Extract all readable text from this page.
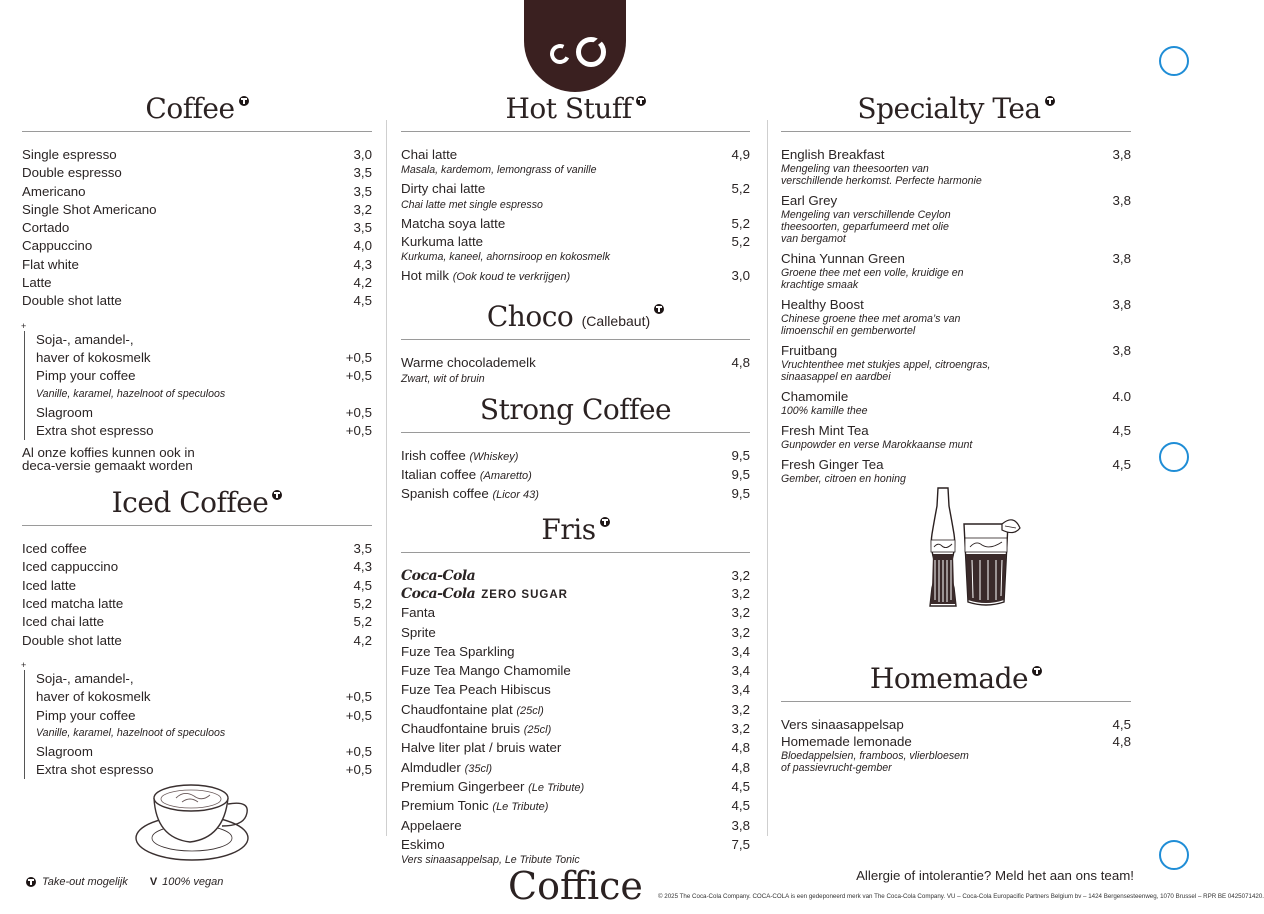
Coffee
Single espresso	3,0
Double espresso	3,5
Americano	3,5
Single Shot Americano	3,2
Cortado	3,5
Cappuccino	4,0
Flat white	4,3
Latte	4,2
Double shot latte	4,5
+
Soja-, amandel-,
haver of kokosmelk	+0,5
Pimp your coffee	+0,5
Vanille, karamel, hazelnoot of speculoos
Slagroom	+0,5
Extra shot espresso	+0,5
Al onze koffies kunnen ook in
deca-versie gemaakt worden
Iced Coffee
Iced coffee	3,5
Iced cappuccino	4,3
Iced latte	4,5
Iced matcha latte	5,2
Iced chai latte	5,2
Double shot latte	4,2
+
Soja-, amandel-,
haver of kokosmelk	+0,5
Pimp your coffee	+0,5
Vanille, karamel, hazelnoot of speculoos
Slagroom	+0,5
Extra shot espresso	+0,5
Hot Stuff
Chai latte	4,9
Masala, kardemom, lemongrass of vanille
Dirty chai latte	5,2
Chai latte met single espresso
Matcha soya latte	5,2
Kurkuma latte	5,2
Kurkuma, kaneel, ahornsiroop en kokosmelk
Hot milk (Ook koud te verkrijgen)	3,0
Choco (Callebaut)
Warme chocolademelk	4,8
Zwart, wit of bruin
Strong Coffee
Irish coffee (Whiskey)	9,5
Italian coffee (Amaretto)	9,5
Spanish coffee (Licor 43)	9,5
Fris
Coca-Cola	3,2
Coca-Cola ZERO SUGAR	3,2
Fanta	3,2
Sprite	3,2
Fuze Tea Sparkling	3,4
Fuze Tea Mango Chamomile	3,4
Fuze Tea Peach Hibiscus	3,4
Chaudfontaine plat (25cl)	3,2
Chaudfontaine bruis (25cl)	3,2
Halve liter plat / bruis water	4,8
Almdudler (35cl)	4,8
Premium Gingerbeer (Le Tribute)	4,5
Premium Tonic (Le Tribute)	4,5
Appelaere	3,8
Eskimo	7,5
Vers sinaasappelsap, Le Tribute Tonic
Specialty Tea
English Breakfast	3,8
Mengeling van theesoorten van
verschillende herkomst. Perfecte harmonie
Earl Grey	3,8
Mengeling van verschillende Ceylon
theesoorten, geparfumeerd met olie
van bergamot
China Yunnan Green	3,8
Groene thee met een volle, kruidige en
krachtige smaak
Healthy Boost	3,8
Chinese groene thee met aroma’s van
limoenschil en gemberwortel
Fruitbang	3,8
Vruchtenthee met stukjes appel, citroengras,
sinaasappel en aardbei
Chamomile	4.0
100% kamille thee
Fresh Mint Tea	4,5
Gunpowder en verse Marokkaanse munt
Fresh Ginger Tea	4,5
Gember, citroen en honing
Homemade
Vers sinaasappelsap	4,5
Homemade lemonade	4,8
Bloedappelsien, framboos, vlierbloesem
of passievrucht-gember
Take-out mogelijk V 100% vegan	Coffice	Allergie of intolerantie? Meld het aan ons team!
© 2025 The Coca-Cola Company. COCA-COLA is een gedeponeerd merk van The Coca-Cola Company. VU – Coca-Cola Europacific Partners Belgium bv – 1424 Bergensesteenweg, 1070 Brussel – RPR BE 0425071420.
